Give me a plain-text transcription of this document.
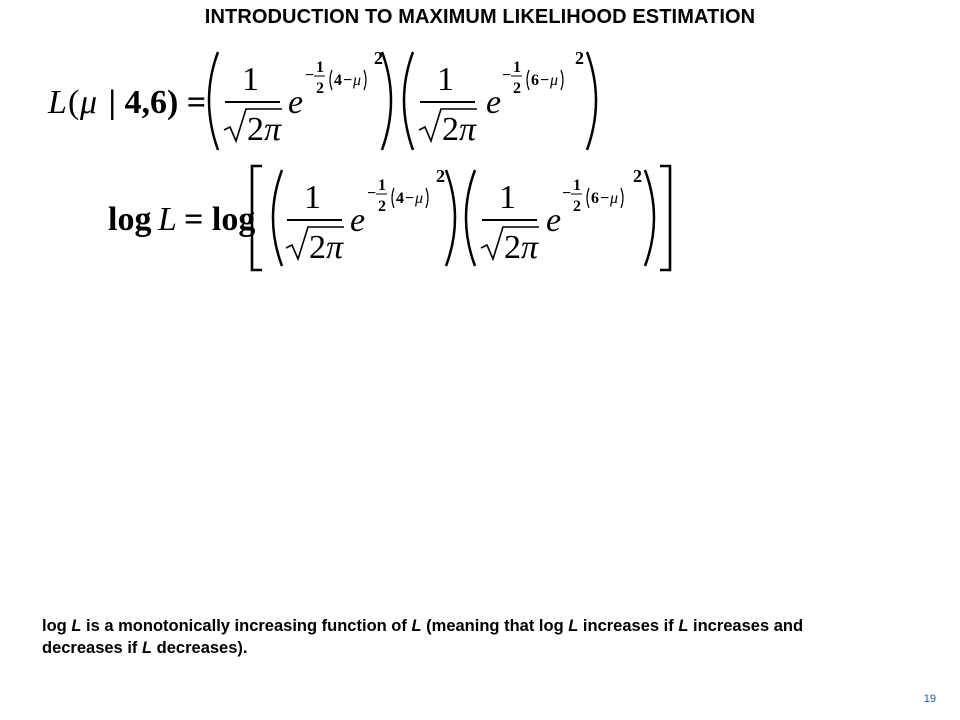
INTRODUCTION TO MAXIMUM LIKELIHOOD ESTIMATION
L ( μ | 4,6) =
1
2 π
e
− 1
2 4 − μ
2
1
2 π
e
− 1
2 6 − μ
2
log L = log
1
2 π
e
− 1
2 4 − μ
2
1
2 π
e
− 1
2 6 − μ
2
log L is a monotonically increasing function of L (meaning that log L increases if L increases and decreases if L decreases).
19
